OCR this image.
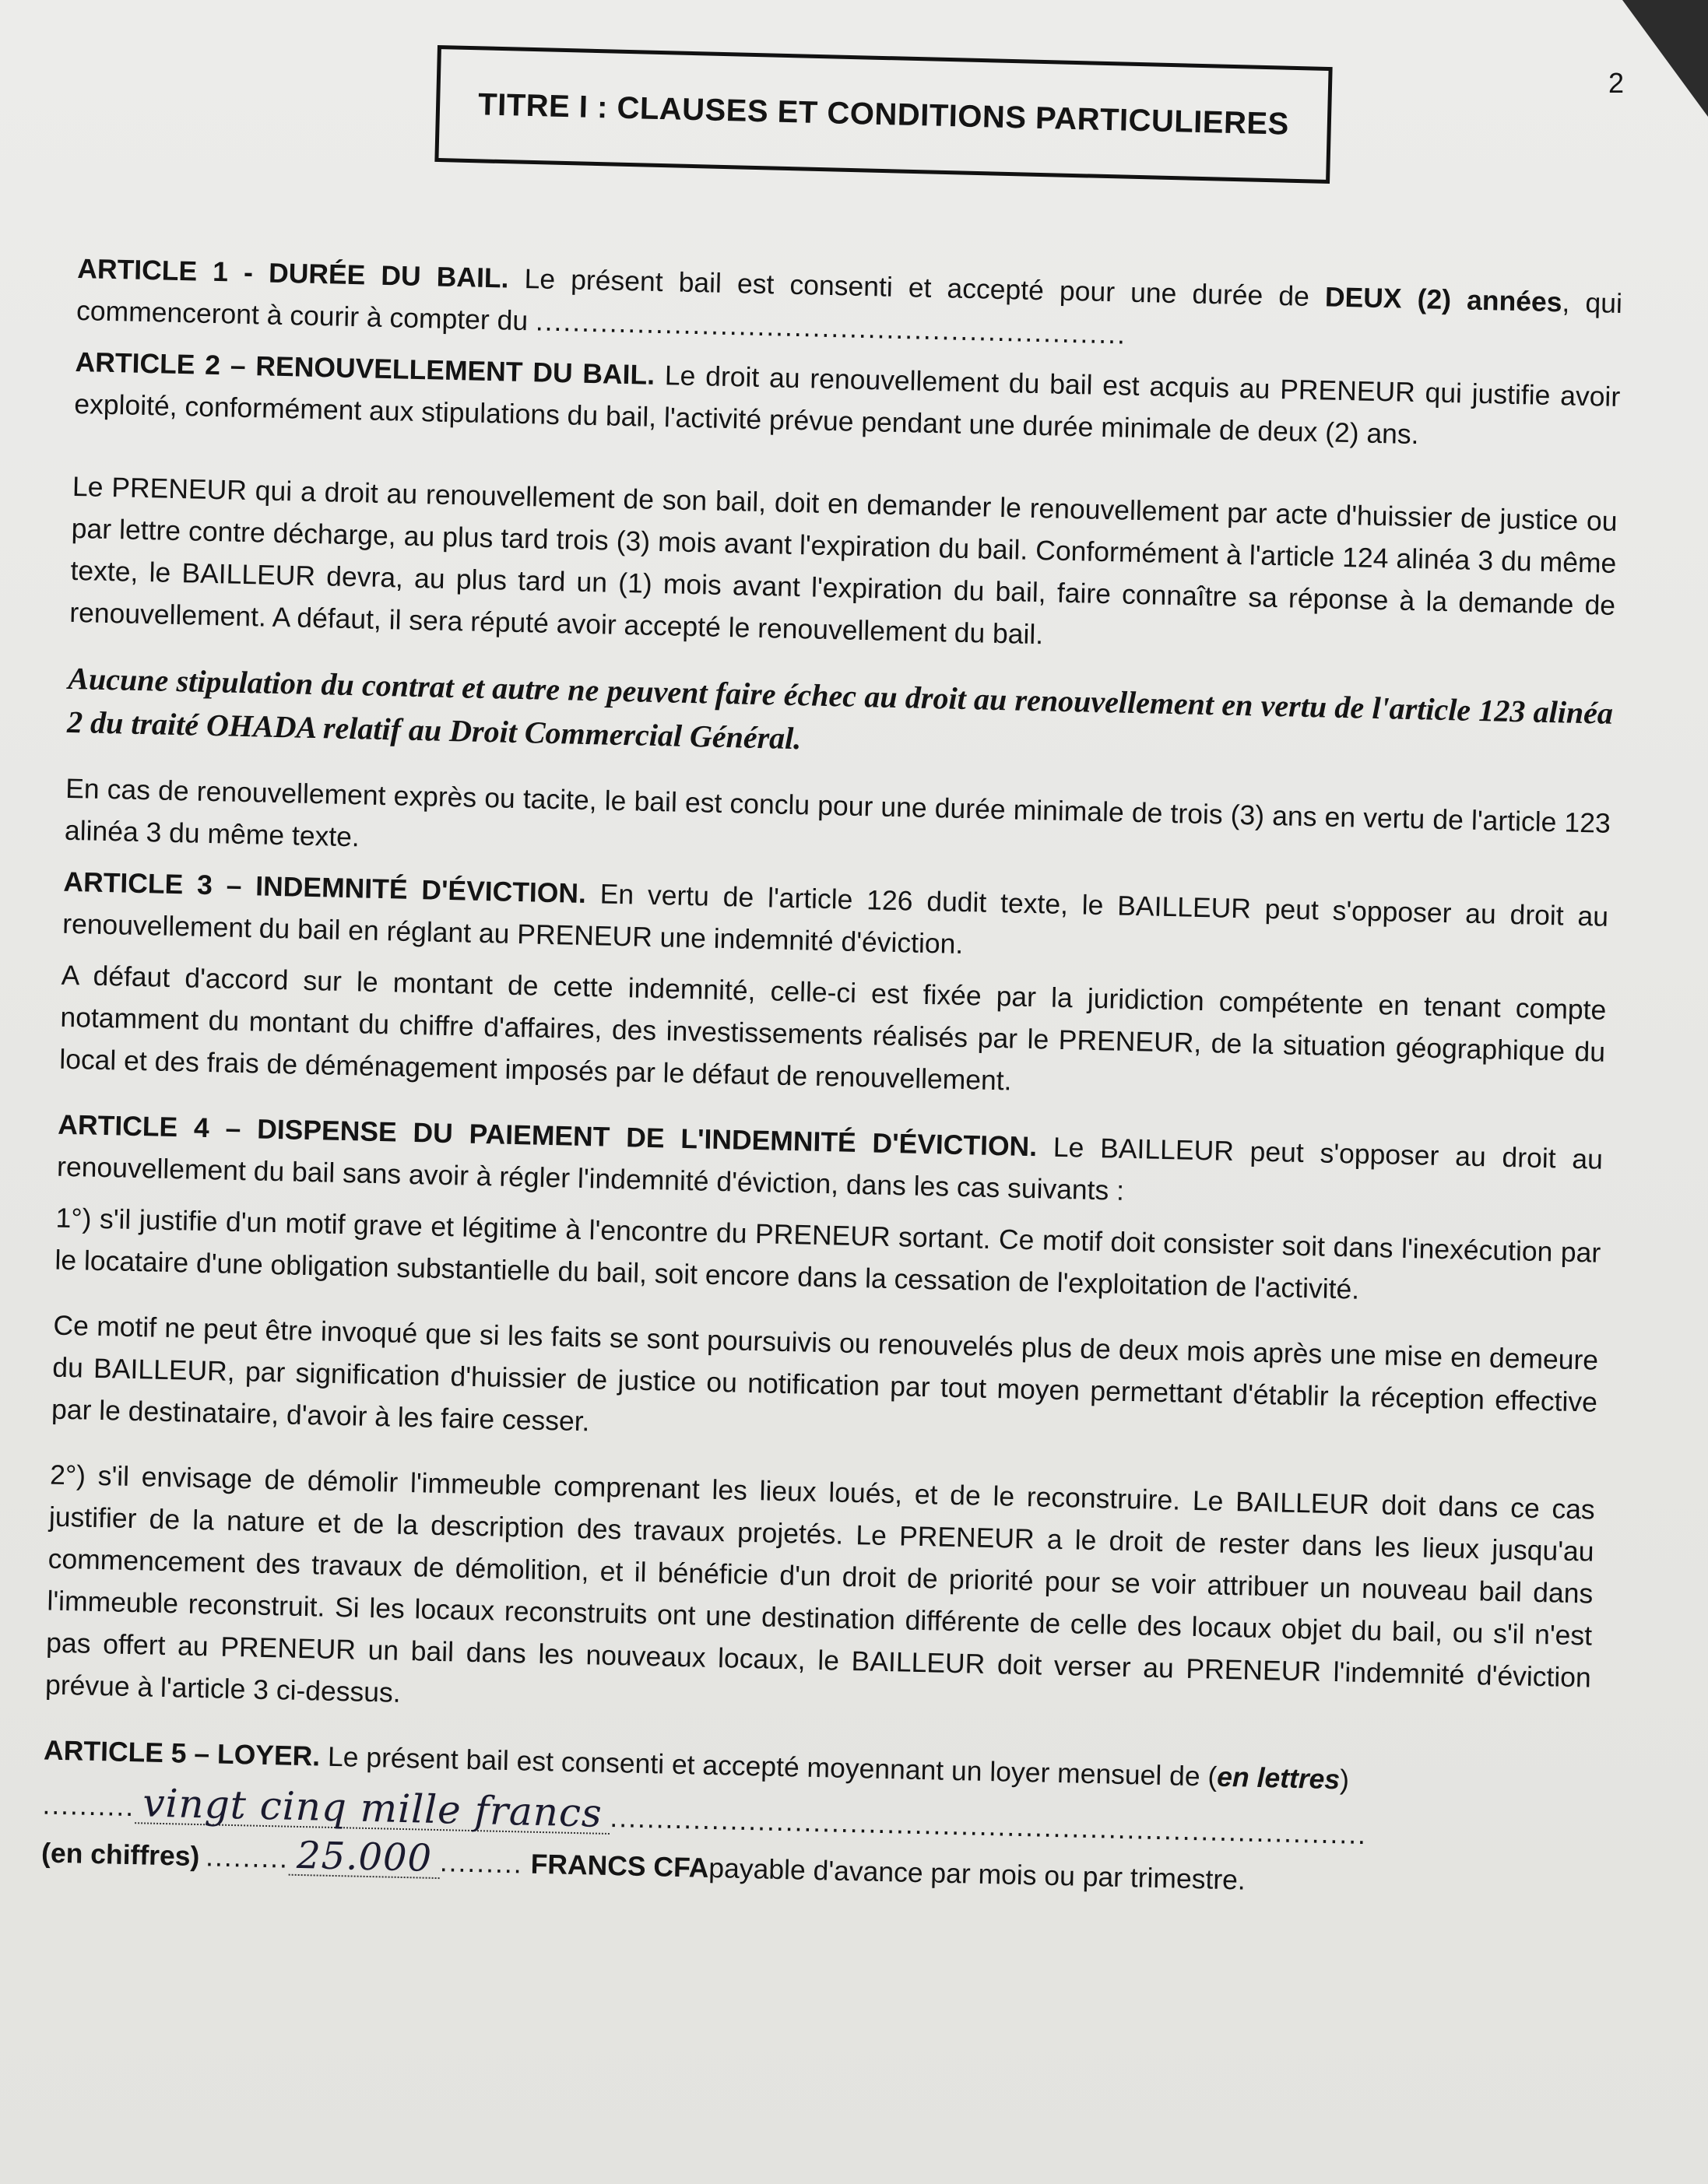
2
TITRE I : CLAUSES ET CONDITIONS PARTICULIERES

ARTICLE 1 - DURÉE DU BAIL. Le présent bail est consenti et accepté pour une durée de DEUX (2) années, qui commenceront à courir à compter du ................................................................

ARTICLE 2 – RENOUVELLEMENT DU BAIL. Le droit au renouvellement du bail est acquis au PRENEUR qui justifie avoir exploité, conformément aux stipulations du bail, l'activité prévue pendant une durée minimale de deux (2) ans.

Le PRENEUR qui a droit au renouvellement de son bail, doit en demander le renouvellement par acte d'huissier de justice ou par lettre contre décharge, au plus tard trois (3) mois avant l'expiration du bail. Conformément à l'article 124 alinéa 3 du même texte, le BAILLEUR devra, au plus tard un (1) mois avant l'expiration du bail, faire connaître sa réponse à la demande de renouvellement. A défaut, il sera réputé avoir accepté le renouvellement du bail.

Aucune stipulation du contrat et autre ne peuvent faire échec au droit au renouvellement en vertu de l'article 123 alinéa 2 du traité OHADA relatif au Droit Commercial Général.

En cas de renouvellement exprès ou tacite, le bail est conclu pour une durée minimale de trois (3) ans en vertu de l'article 123 alinéa 3 du même texte.

ARTICLE 3 – INDEMNITÉ D'ÉVICTION. En vertu de l'article 126 dudit texte, le BAILLEUR peut s'opposer au droit au renouvellement du bail en réglant au PRENEUR une indemnité d'éviction.

A défaut d'accord sur le montant de cette indemnité, celle-ci est fixée par la juridiction compétente en tenant compte notamment du montant du chiffre d'affaires, des investissements réalisés par le PRENEUR, de la situation géographique du local et des frais de déménagement imposés par le défaut de renouvellement.

ARTICLE 4 – DISPENSE DU PAIEMENT DE L'INDEMNITÉ D'ÉVICTION. Le BAILLEUR peut s'opposer au droit au renouvellement du bail sans avoir à régler l'indemnité d'éviction, dans les cas suivants :

1°) s'il justifie d'un motif grave et légitime à l'encontre du PRENEUR sortant. Ce motif doit consister soit dans l'inexécution par le locataire d'une obligation substantielle du bail, soit encore dans la cessation de l'exploitation de l'activité.

Ce motif ne peut être invoqué que si les faits se sont poursuivis ou renouvelés plus de deux mois après une mise en demeure du BAILLEUR, par signification d'huissier de justice ou notification par tout moyen permettant d'établir la réception effective par le destinataire, d'avoir à les faire cesser.

2°) s'il envisage de démolir l'immeuble comprenant les lieux loués, et de le reconstruire. Le BAILLEUR doit dans ce cas justifier de la nature et de la description des travaux projetés. Le PRENEUR a le droit de rester dans les lieux jusqu'au commencement des travaux de démolition, et il bénéficie d'un droit de priorité pour se voir attribuer un nouveau bail dans l'immeuble reconstruit. Si les locaux reconstruits ont une destination différente de celle des locaux objet du bail, ou s'il n'est pas offert au PRENEUR un bail dans les nouveaux locaux, le BAILLEUR doit verser au PRENEUR l'indemnité d'éviction prévue à l'article 3 ci-dessus.

ARTICLE 5 – LOYER. Le présent bail est consenti et accepté moyennant un loyer mensuel de (en lettres)

.......... vingt cinq mille francs ..................................................................................
(en chiffres) ......... 25.000 ......... FRANCS CFA payable d'avance par mois ou par trimestre.
